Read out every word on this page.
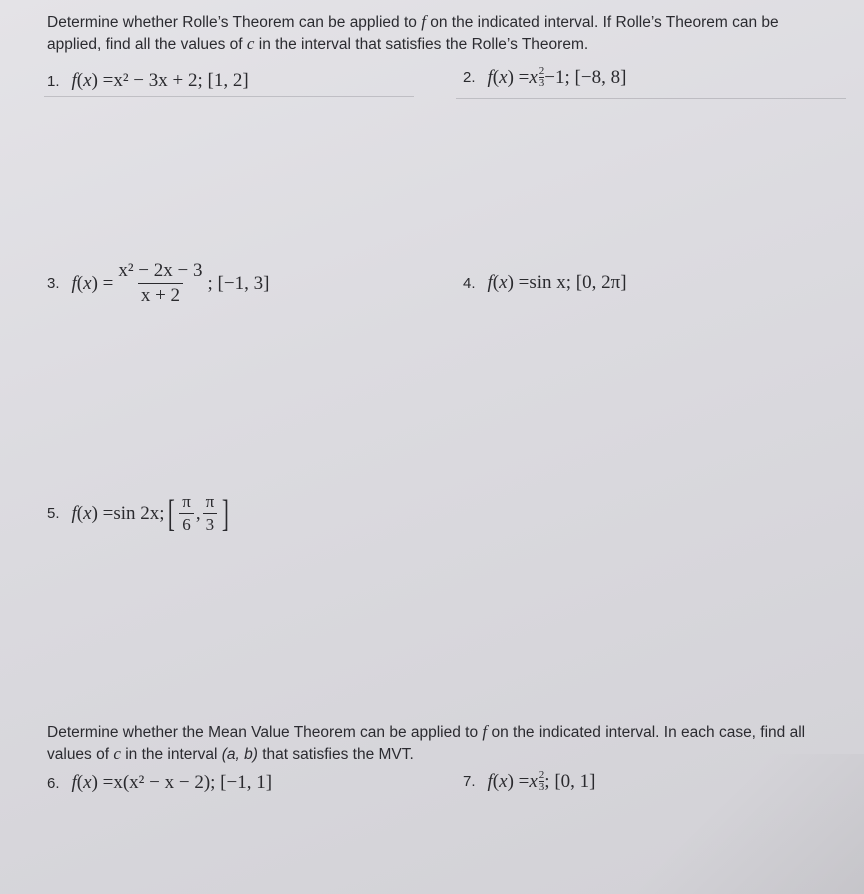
Determine whether Rolle’s Theorem can be applied to f on the indicated interval. If Rolle’s Theorem can be applied, find all the values of c in the interval that satisfies the Rolle’s Theorem.

1. f(x) = x² − 3x + 2; [1, 2]	2. f(x) = x 2
3 −1; [−8, 8]
3. $f(x) = \frac{\text{x² − 2x − 3}}{x + 2}$ ; [−1, 3]	4. f(x) = sin x; [0, 2π]
5. f(x) = sin 2x; [ $\frac{\pi}{6}$ , $\frac{\pi}{3}$ ]

Determine whether the Mean Value Theorem can be applied to f on the indicated interval. In each case, find all values of c in the interval (a, b) that satisfies the MVT.

6. f(x) = x(x² − x − 2); [−1, 1]	7. f(x) = x 2
3 ; [0, 1]
